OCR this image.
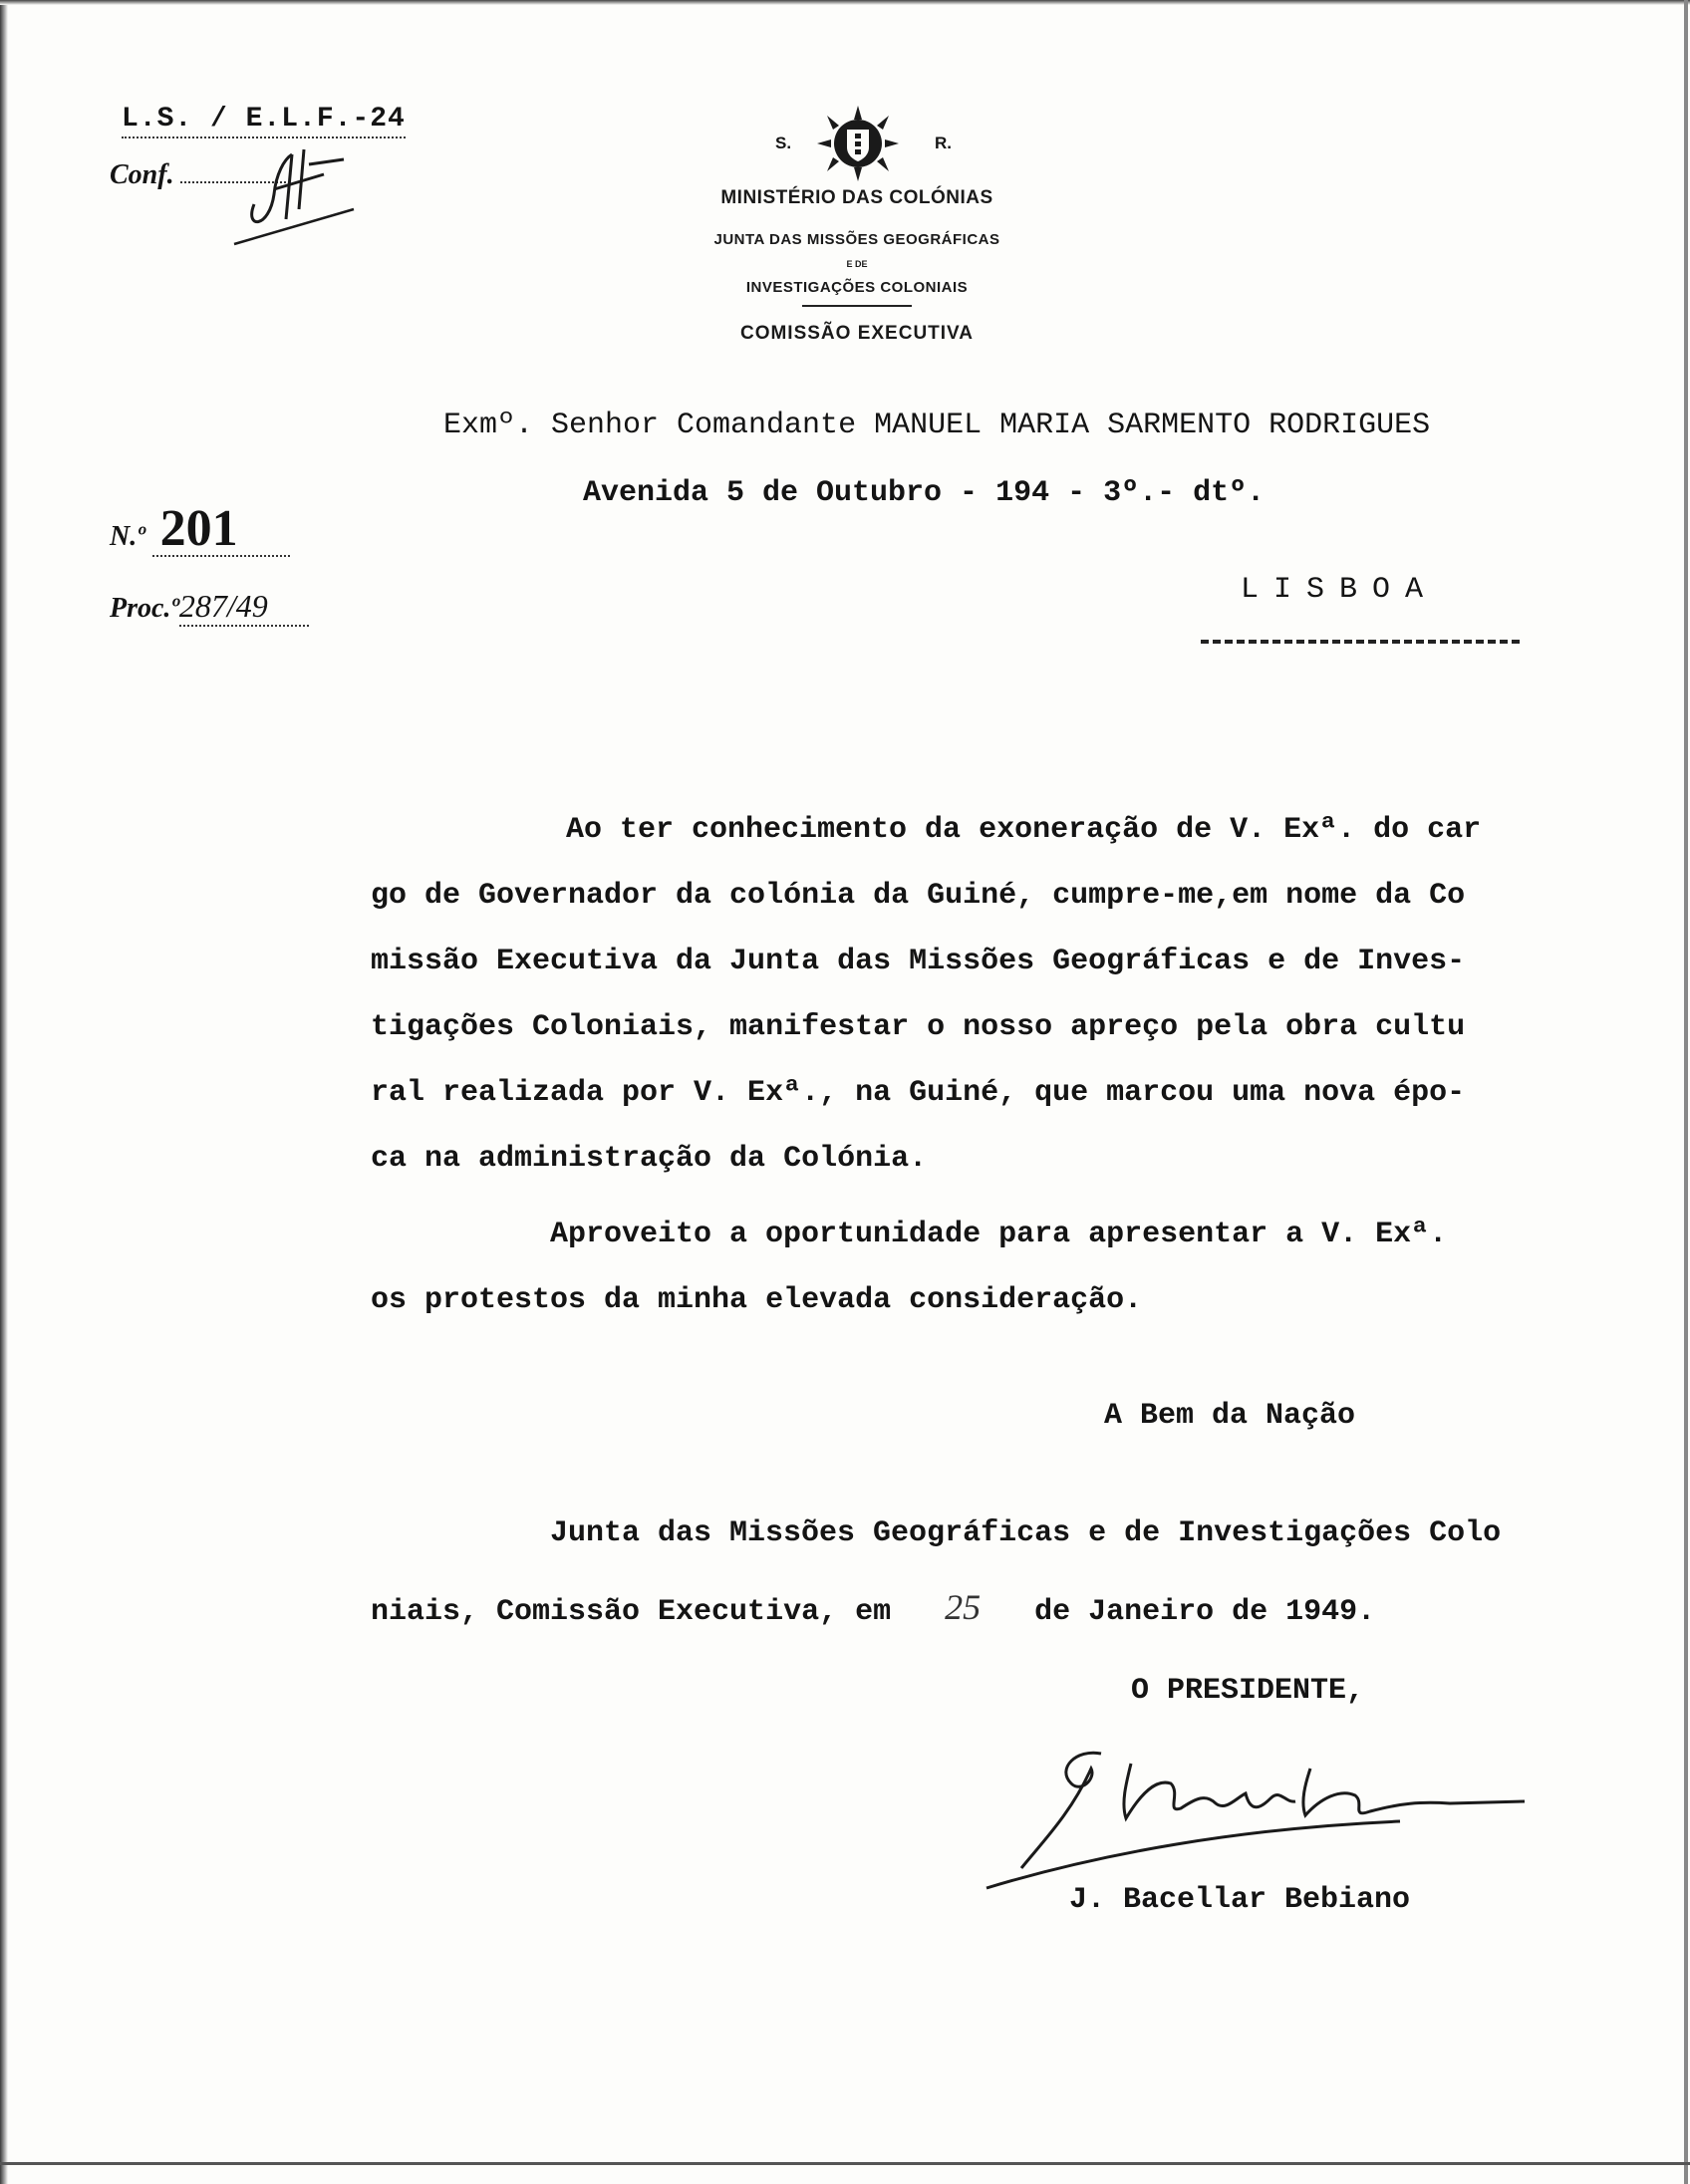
L.S. / E.L.F.-24
Conf.
S.	R.
MINISTÉRIO DAS COLÓNIAS
JUNTA DAS MISSÕES GEOGRÁFICAS
E DE
INVESTIGAÇÕES COLONIAIS
COMISSÃO EXECUTIVA
Exmº. Senhor Comandante MANUEL MARIA SARMENTO RODRIGUES
Avenida 5 de Outubro - 194 - 3º.- dtº.
N.º 201
Proc.º287/49	LISBOA
Ao ter conhecimento da exoneração de V. Exª. do car
go de Governador da colónia da Guiné, cumpre-me,em nome da Co
missão Executiva da Junta das Missões Geográficas e de Inves-
tigações Coloniais, manifestar o nosso apreço pela obra cultu
ral realizada por V. Exª., na Guiné, que marcou uma nova épo-
ca na administração da Colónia.
Aproveito a oportunidade para apresentar a V. Exª.
os protestos da minha elevada consideração.
A Bem da Nação
Junta das Missões Geográficas e de Investigações Colo
niais, Comissão Executiva, em 25 de Janeiro de 1949.
O PRESIDENTE,
J. Bacellar Bebiano
